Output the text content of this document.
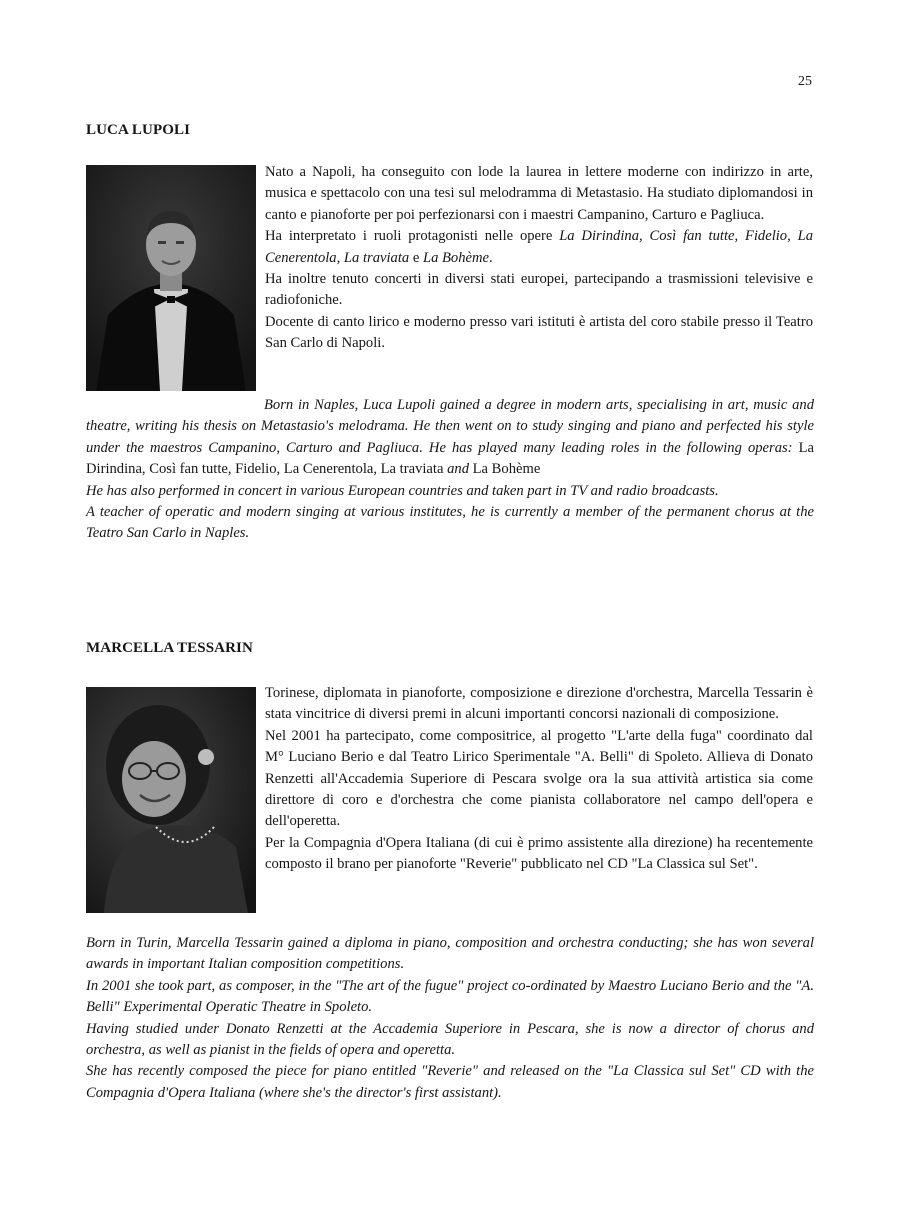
25
LUCA LUPOLI

Nato a Napoli, ha conseguito con lode la laurea in lettere moderne con indirizzo in arte, musica e spettacolo con una tesi sul melodramma di Metastasio. Ha studiato diplomandosi in canto e pianoforte per poi perfezionarsi con i maestri Campanino, Carturo e Pagliuca.

Ha interpretato i ruoli protagonisti nelle opere La Dirindina, Così fan tutte, Fidelio, La Cenerentola, La traviata e La Bohème.

Ha inoltre tenuto concerti in diversi stati europei, partecipando a trasmissioni televisive e radiofoniche.

Docente di canto lirico e moderno presso vari istituti è artista del coro stabile presso il Teatro San Carlo di Napoli.

Born in Naples, Luca Lupoli gained a degree in modern arts, specialising in art, music and theatre, writing his thesis on Metastasio's melodrama. He then went on to study singing and piano and perfected his style under the maestros Campanino, Carturo and Pagliuca. He has played many leading roles in the following operas: La Dirindina, Così fan tutte, Fidelio, La Cenerentola, La traviata and La Bohème

He has also performed in concert in various European countries and taken part in TV and radio broadcasts.

A teacher of operatic and modern singing at various institutes, he is currently a member of the permanent chorus at the Teatro San Carlo in Naples.

MARCELLA TESSARIN

Torinese, diplomata in pianoforte, composizione e direzione d'orchestra, Marcella Tessarin è stata vincitrice di diversi premi in alcuni importanti concorsi nazionali di composizione.

Nel 2001 ha partecipato, come compositrice, al progetto "L'arte della fuga" coordinato dal M° Luciano Berio e dal Teatro Lirico Sperimentale "A. Belli" di Spoleto. Allieva di Donato Renzetti all'Accademia Superiore di Pescara svolge ora la sua attività artistica sia come direttore di coro e d'orchestra che come pianista collaboratore nel campo dell'opera e dell'operetta.

Per la Compagnia d'Opera Italiana (di cui è primo assistente alla direzione) ha recentemente composto il brano per pianoforte "Reverie" pubblicato nel CD "La Classica sul Set".

Born in Turin, Marcella Tessarin gained a diploma in piano, composition and orchestra conducting; she has won several awards in important Italian composition competitions.

In 2001 she took part, as composer, in the "The art of the fugue" project co-ordinated by Maestro Luciano Berio and the "A. Belli" Experimental Operatic Theatre in Spoleto.

Having studied under Donato Renzetti at the Accademia Superiore in Pescara, she is now a director of chorus and orchestra, as well as pianist in the fields of opera and operetta.

She has recently composed the piece for piano entitled "Reverie" and released on the "La Classica sul Set" CD with the Compagnia d'Opera Italiana (where she's the director's first assistant).
